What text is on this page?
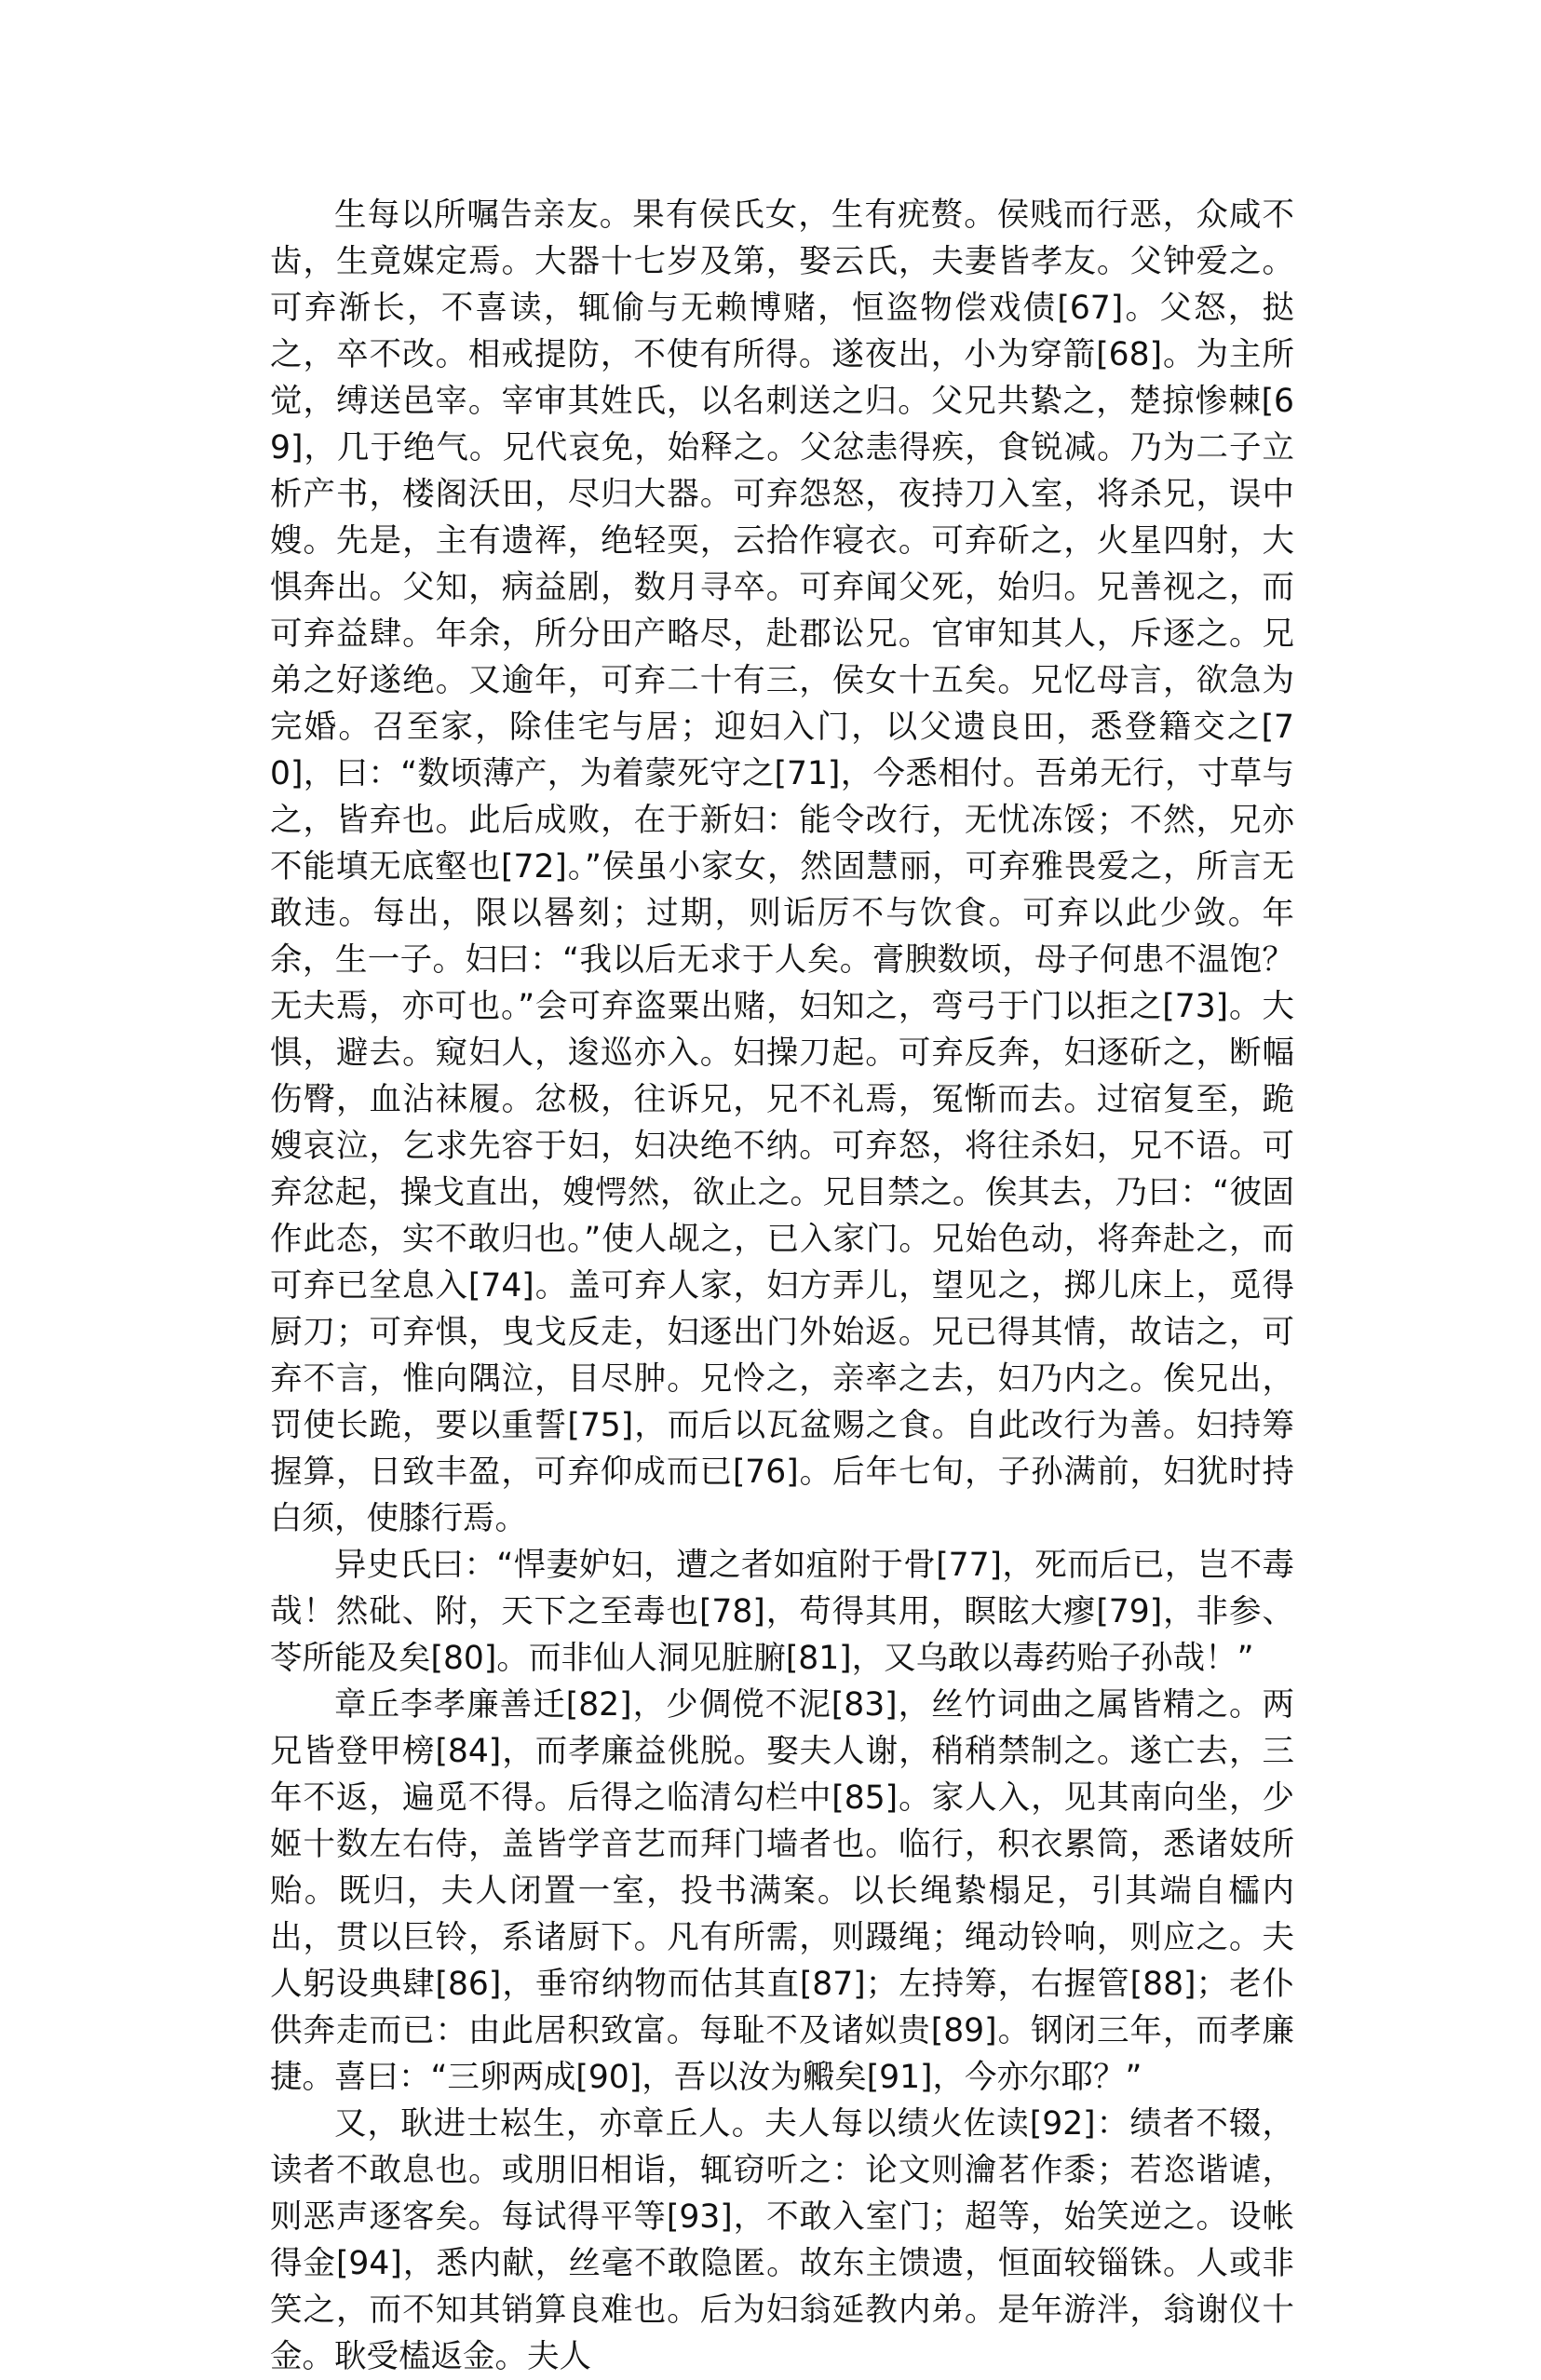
生每以所嘱告亲友。果有侯氏女，生有疣赘。侯贱而行恶，众咸不齿，生竟媒定焉。大器十七岁及第，娶云氏，夫妻皆孝友。父钟爱之。可弃渐长，不喜读，辄偷与无赖博赌，恒盗物偿戏债[67]。父怒，挞之，卒不改。相戒提防，不使有所得。遂夜出，小为穿箭[68]。为主所觉，缚送邑宰。宰审其姓氏，以名刺送之归。父兄共絷之，楚掠惨棘[69]，几于绝气。兄代哀免，始释之。父忿恚得疾，食锐减。乃为二子立析产书，楼阁沃田，尽归大器。可弃怨怒，夜持刀入室，将杀兄，误中嫂。先是，主有遗裈，绝轻耎，云拾作寝衣。可弃斫之，火星四射，大惧奔出。父知，病益剧，数月寻卒。可弃闻父死，始归。兄善视之，而可弃益肆。年余，所分田产略尽，赴郡讼兄。官审知其人，斥逐之。兄弟之好遂绝。又逾年，可弃二十有三，侯女十五矣。兄忆母言，欲急为完婚。召至家，除佳宅与居；迎妇入门，以父遗良田，悉登籍交之[70]，曰：“数顷薄产，为着蒙死守之[71]，今悉相付。吾弟无行，寸草与之，皆弃也。此后成败，在于新妇：能令改行，无忧冻馁；不然，兄亦不能填无底壑也[72]。”侯虽小家女，然固慧丽，可弃雅畏爱之，所言无敢违。每出，限以晷刻；过期，则诟厉不与饮食。可弃以此少敛。年余，生一子。妇曰：“我以后无求于人矣。膏腴数顷，母子何患不温饱？无夫焉，亦可也。”会可弃盗粟出赌，妇知之，弯弓于门以拒之[73]。大惧，避去。窥妇人，逡巡亦入。妇操刀起。可弃反奔，妇逐斫之，断幅伤臀，血沾袜履。忿极，往诉兄，兄不礼焉，冤惭而去。过宿复至，跪嫂哀泣，乞求先容于妇，妇决绝不纳。可弃怒，将往杀妇，兄不语。可弃忿起，操戈直出，嫂愕然，欲止之。兄目禁之。俟其去，乃曰：“彼固作此态，实不敢归也。”使人觇之，已入家门。兄始色动，将奔赴之，而可弃已坌息入[74]。盖可弃人家，妇方弄儿，望见之，掷儿床上，觅得厨刀；可弃惧，曳戈反走，妇逐出门外始返。兄已得其情，故诘之，可弃不言，惟向隅泣，目尽肿。兄怜之，亲率之去，妇乃内之。俟兄出，罚使长跪，要以重誓[75]，而后以瓦盆赐之食。自此改行为善。妇持筹握算，日致丰盈，可弃仰成而已[76]。后年七旬，子孙满前，妇犹时持白须，使膝行焉。

异史氏曰：“悍妻妒妇，遭之者如疽附于骨[77]，死而后已，岂不毒哉！然砒、附，天下之至毒也[78]，苟得其用，瞑眩大瘳[79]，非参、苓所能及矣[80]。而非仙人洞见脏腑[81]，又乌敢以毒药贻子孙哉！”

章丘李孝廉善迁[82]，少倜傥不泥[83]，丝竹词曲之属皆精之。两兄皆登甲榜[84]，而孝廉益佻脱。娶夫人谢，稍稍禁制之。遂亡去，三年不返，遍觅不得。后得之临清勾栏中[85]。家人入，见其南向坐，少姬十数左右侍，盖皆学音艺而拜门墙者也。临行，积衣累筒，悉诸妓所贻。既归，夫人闭置一室，投书满案。以长绳絷榻足，引其端自櫺内出，贯以巨铃，系诸厨下。凡有所需，则蹑绳；绳动铃响，则应之。夫人躬设典肆[86]，垂帘纳物而估其直[87]；左持筹，右握管[88]；老仆供奔走而已：由此居积致富。每耻不及诸姒贵[89]。钢闭三年，而孝廉捷。喜曰：“三卵两成[90]，吾以汝为毈矣[91]，今亦尔耶？”

又，耿进士崧生，亦章丘人。夫人每以绩火佐读[92]：绩者不辍，读者不敢息也。或朋旧相诣，辄窃听之：论文则瀹茗作黍；若恣谐谑，则恶声逐客矣。每试得平等[93]，不敢入室门；超等，始笑逆之。设帐得金[94]，悉内献，丝毫不敢隐匿。故东主馈遗，恒面较锱铢。人或非笑之，而不知其销算良难也。后为妇翁延教内弟。是年游泮，翁谢仪十金。耿受榼返金。夫人
